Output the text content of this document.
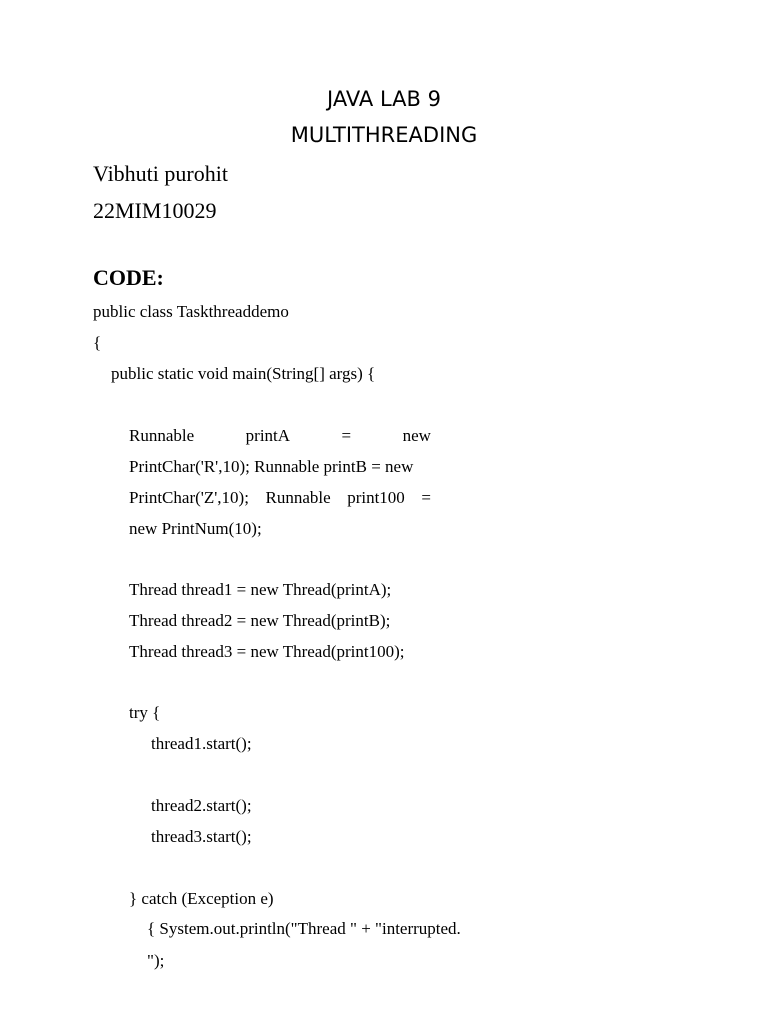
JAVA LAB 9
MULTITHREADING
Vibhuti purohit
22MIM10029
CODE:
public class Taskthreaddemo
{
public static void main(String[] args) {
Runnable	printA	=	new
PrintChar('R',10); Runnable printB = new
PrintChar('Z',10); Runnable print100 =
new PrintNum(10);
Thread thread1 = new Thread(printA);
Thread thread2 = new Thread(printB);
Thread thread3 = new Thread(print100);
try {
thread1.start();
thread2.start();
thread3.start();
} catch (Exception e)
{ System.out.println("Thread " + "interrupted.
");
